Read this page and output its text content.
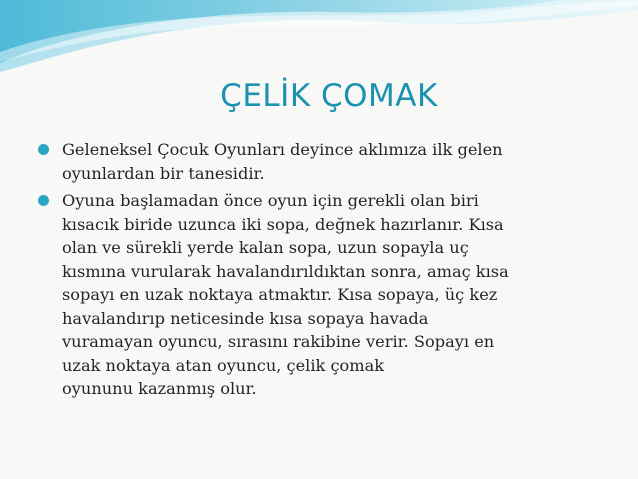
ÇELİK ÇOMAK
Geleneksel Çocuk Oyunları deyince aklımıza ilk gelen
oyunlardan bir tanesidir.
Oyuna başlamadan önce oyun için gerekli olan biri
kısacık biride uzunca iki sopa, değnek hazırlanır. Kısa
olan ve sürekli yerde kalan sopa, uzun sopayla uç
kısmına vurularak havalandırıldıktan sonra, amaç kısa
sopayı en uzak noktaya atmaktır. Kısa sopaya, üç kez
havalandırıp neticesinde kısa sopaya havada
vuramayan oyuncu, sırasını rakibine verir. Sopayı en
uzak noktaya atan oyuncu, çelik çomak
oyununu kazanmış olur.
